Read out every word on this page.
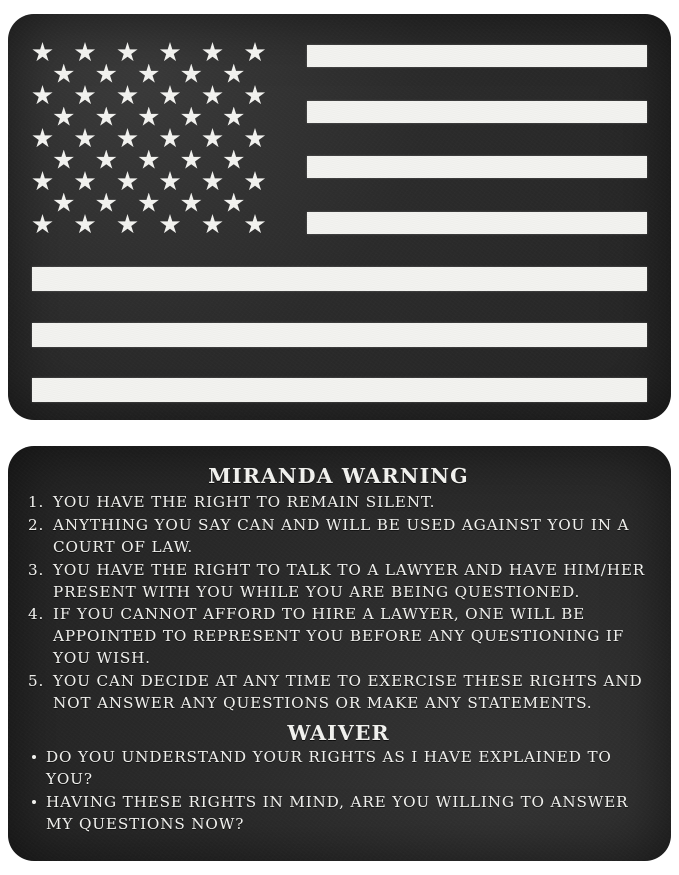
MIRANDA WARNING
1. YOU HAVE THE RIGHT TO REMAIN SILENT.
2. ANYTHING YOU SAY CAN AND WILL BE USED AGAINST YOU IN A COURT OF LAW.
3. YOU HAVE THE RIGHT TO TALK TO A LAWYER AND HAVE HIM/HER PRESENT WITH YOU WHILE YOU ARE BEING QUESTIONED.
4. IF YOU CANNOT AFFORD TO HIRE A LAWYER, ONE WILL BE APPOINTED TO REPRESENT YOU BEFORE ANY QUESTIONING IF YOU WISH.
5. YOU CAN DECIDE AT ANY TIME TO EXERCISE THESE RIGHTS AND NOT ANSWER ANY QUESTIONS OR MAKE ANY STATEMENTS.
WAIVER
DO YOU UNDERSTAND YOUR RIGHTS AS I HAVE EXPLAINED TO YOU?
HAVING THESE RIGHTS IN MIND, ARE YOU WILLING TO ANSWER MY QUESTIONS NOW?
